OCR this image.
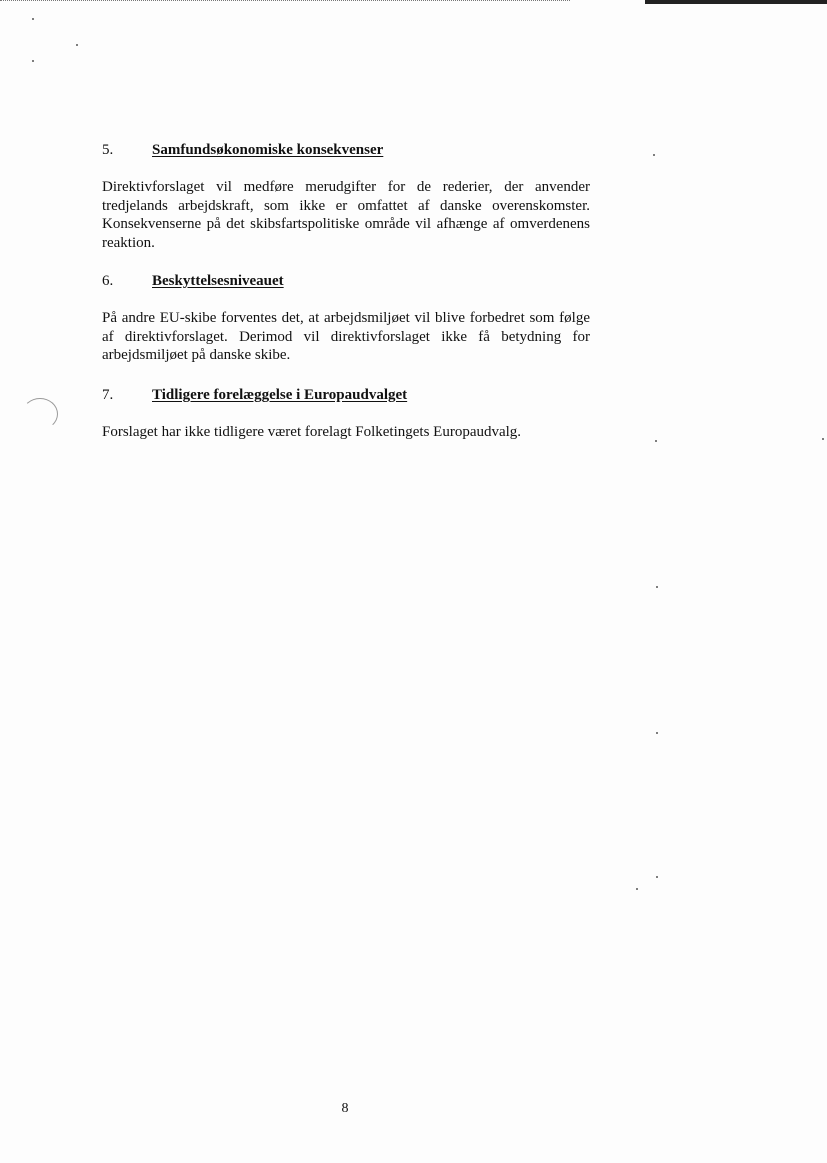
5.	Samfundsøkonomiske konsekvenser
Direktivforslaget vil medføre merudgifter for de rederier, der anvender tredjelands arbejdskraft, som ikke er omfattet af danske overenskomster. Konsekvenserne på det skibsfartspolitiske område vil afhænge af omverdenens reaktion.
6.	Beskyttelsesniveauet
På andre EU-skibe forventes det, at arbejdsmiljøet vil blive forbedret som følge af direktivforslaget. Derimod vil direktivforslaget ikke få betydning for arbejdsmiljøet på danske skibe.
7.	Tidligere forelæggelse i Europaudvalget
Forslaget har ikke tidligere været forelagt Folketingets Europaudvalg.
8
